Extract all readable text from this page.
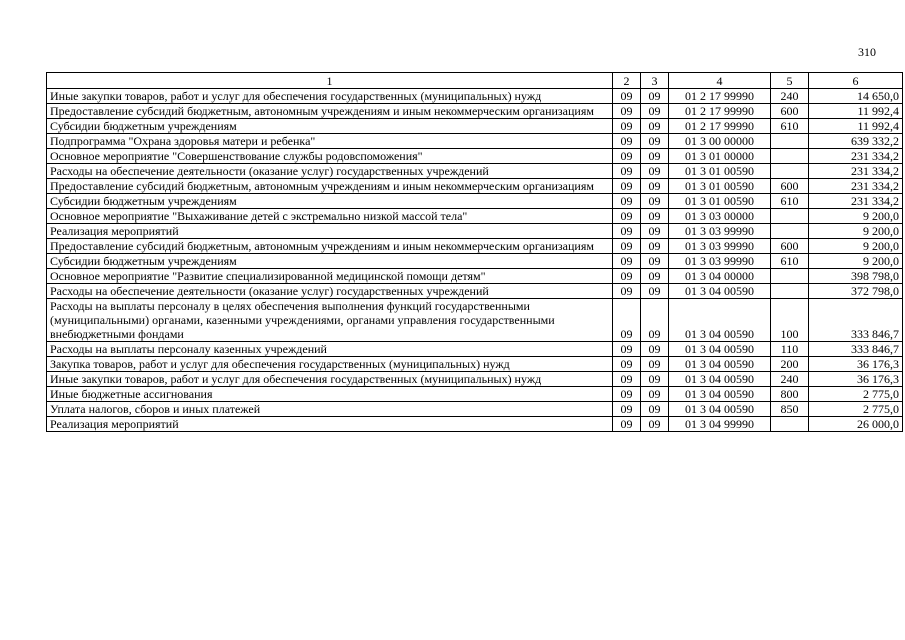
310
1	2	3	4	5	6
Иные закупки товаров, работ и услуг для обеспечения государственных (муниципальных) нужд	09	09	01 2 17 99990	240	14 650,0
Предоставление субсидий бюджетным, автономным учреждениям и иным некоммерческим организациям	09	09	01 2 17 99990	600	11 992,4
Субсидии бюджетным учреждениям	09	09	01 2 17 99990	610	11 992,4
Подпрограмма "Охрана здоровья матери и ребенка"	09	09	01 3 00 00000		639 332,2
Основное мероприятие "Совершенствование службы родовспоможения"	09	09	01 3 01 00000		231 334,2
Расходы на обеспечение деятельности (оказание услуг) государственных учреждений	09	09	01 3 01 00590		231 334,2
Предоставление субсидий бюджетным, автономным учреждениям и иным некоммерческим организациям	09	09	01 3 01 00590	600	231 334,2
Субсидии бюджетным учреждениям	09	09	01 3 01 00590	610	231 334,2
Основное мероприятие "Выхаживание детей с экстремально низкой массой тела"	09	09	01 3 03 00000		9 200,0
Реализация мероприятий	09	09	01 3 03 99990		9 200,0
Предоставление субсидий бюджетным, автономным учреждениям и иным некоммерческим организациям	09	09	01 3 03 99990	600	9 200,0
Субсидии бюджетным учреждениям	09	09	01 3 03 99990	610	9 200,0
Основное мероприятие "Развитие специализированной медицинской помощи детям"	09	09	01 3 04 00000		398 798,0
Расходы на обеспечение деятельности (оказание услуг) государственных учреждений	09	09	01 3 04 00590		372 798,0
Расходы на выплаты персоналу в целях обеспечения выполнения функций государственными (муниципальными) органами, казенными учреждениями, органами управления государственными внебюджетными фондами	09	09	01 3 04 00590	100	333 846,7
Расходы на выплаты персоналу казенных учреждений	09	09	01 3 04 00590	110	333 846,7
Закупка товаров, работ и услуг для обеспечения государственных (муниципальных) нужд	09	09	01 3 04 00590	200	36 176,3
Иные закупки товаров, работ и услуг для обеспечения государственных (муниципальных) нужд	09	09	01 3 04 00590	240	36 176,3
Иные бюджетные ассигнования	09	09	01 3 04 00590	800	2 775,0
Уплата налогов, сборов и иных платежей	09	09	01 3 04 00590	850	2 775,0
Реализация мероприятий	09	09	01 3 04 99990		26 000,0
